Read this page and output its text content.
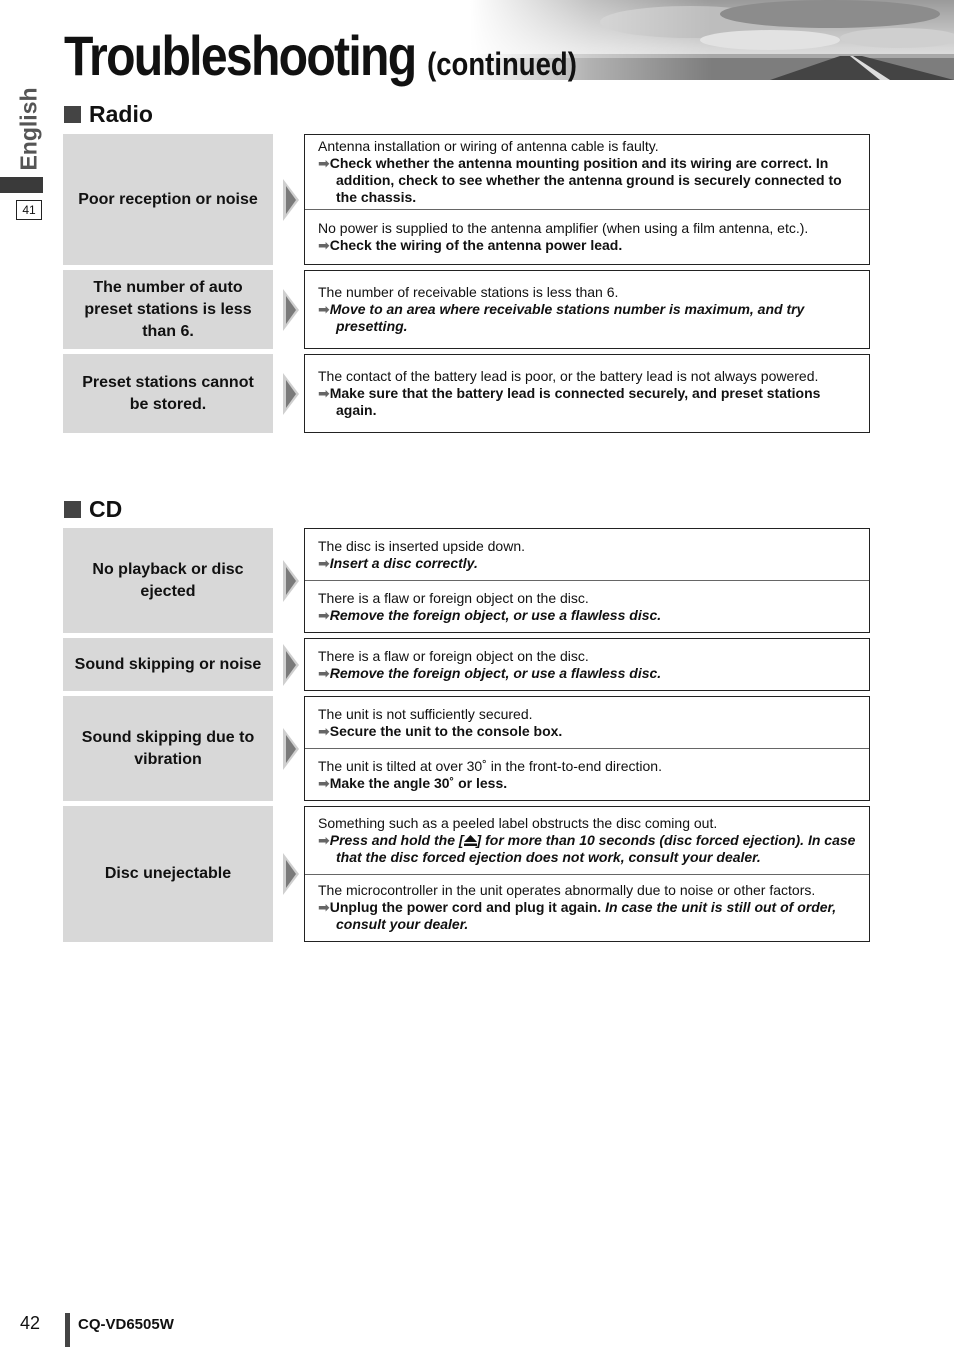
Troubleshooting (continued)
English
41
Radio
Poor reception or noise
Antenna installation or wiring of antenna cable is faulty.
➡Check whether the antenna mounting position and its wiring are correct. In addition, check to see whether the antenna ground is securely connected to the chassis.
No power is supplied to the antenna amplifier (when using a film antenna, etc.).
➡Check the wiring of the antenna power lead.
The number of auto preset stations is less than 6.
The number of receivable stations is less than 6.
➡Move to an area where receivable stations number is maximum, and try presetting.
Preset stations cannot be stored.
The contact of the battery lead is poor, or the battery lead is not always powered.
➡Make sure that the battery lead is connected securely, and preset stations again.
CD
No playback or disc ejected
The disc is inserted upside down.
➡Insert a disc correctly.
There is a flaw or foreign object on the disc.
➡Remove the foreign object, or use a flawless disc.
Sound skipping or noise	There is a flaw or foreign object on the disc.
➡Remove the foreign object, or use a flawless disc.
Sound skipping due to vibration
The unit is not sufficiently secured.
➡Secure the unit to the console box.
The unit is tilted at over 30˚ in the front-to-end direction.
➡Make the angle 30˚ or less.
Disc unejectable
Something such as a peeled label obstructs the disc coming out.
➡Press and hold the [ ] for more than 10 seconds (disc forced ejection). In case that the disc forced ejection does not work, consult your dealer.
The microcontroller in the unit operates abnormally due to noise or other factors.
➡Unplug the power cord and plug it again. In case the unit is still out of order, consult your dealer.
42	CQ-VD6505W
